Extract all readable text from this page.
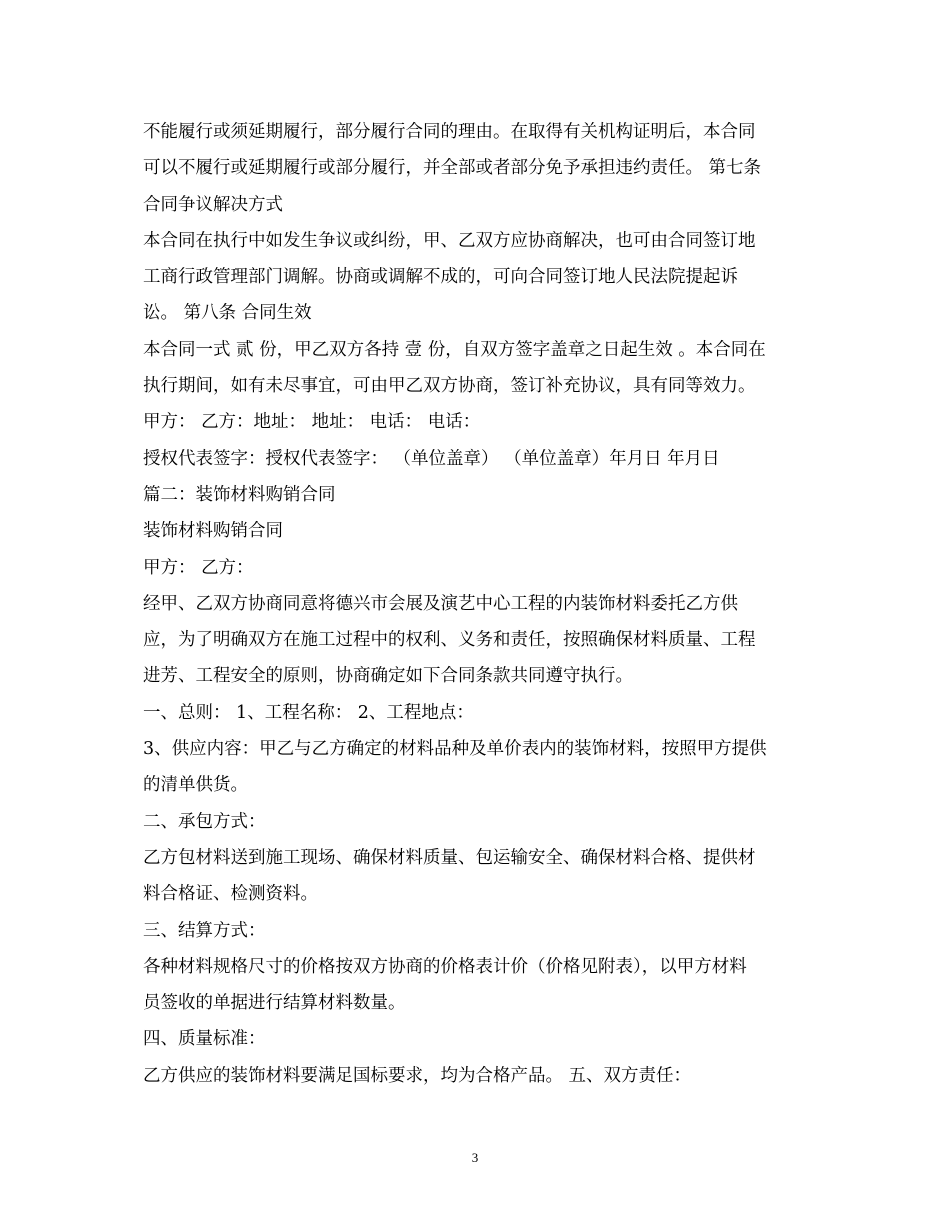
不能履行或须延期履行，部分履行合同的理由。在取得有关机构证明后，本合同
可以不履行或延期履行或部分履行，并全部或者部分免予承担违约责任。 第七条
合同争议解决方式
本合同在执行中如发生争议或纠纷，甲、乙双方应协商解决，也可由合同签订地
工商行政管理部门调解。协商或调解不成的，可向合同签订地人民法院提起诉
讼。 第八条 合同生效
本合同一式 贰 份，甲乙双方各持 壹 份，自双方签字盖章之日起生效 。本合同在
执行期间，如有未尽事宜，可由甲乙双方协商，签订补充协议，具有同等效力。
甲方： 乙方：地址： 地址： 电话： 电话：
授权代表签字：授权代表签字： （单位盖章） （单位盖章）年月日 年月日
篇二：装饰材料购销合同
装饰材料购销合同
甲方： 乙方：
经甲、乙双方协商同意将德兴市会展及演艺中心工程的内装饰材料委托乙方供
应，为了明确双方在施工过程中的权利、义务和责任，按照确保材料质量、工程
进芳、工程安全的原则，协商确定如下合同条款共同遵守执行。
一、总则： 1、工程名称： 2、工程地点：
3、供应内容：甲乙与乙方确定的材料品种及单价表内的装饰材料，按照甲方提供
的清单供货。
二、承包方式：
乙方包材料送到施工现场、确保材料质量、包运输安全、确保材料合格、提供材
料合格证、检测资料。
三、结算方式：
各种材料规格尺寸的价格按双方协商的价格表计价（价格见附表），以甲方材料
员签收的单据进行结算材料数量。
四、质量标准：
乙方供应的装饰材料要满足国标要求，均为合格产品。 五、双方责任：
3
